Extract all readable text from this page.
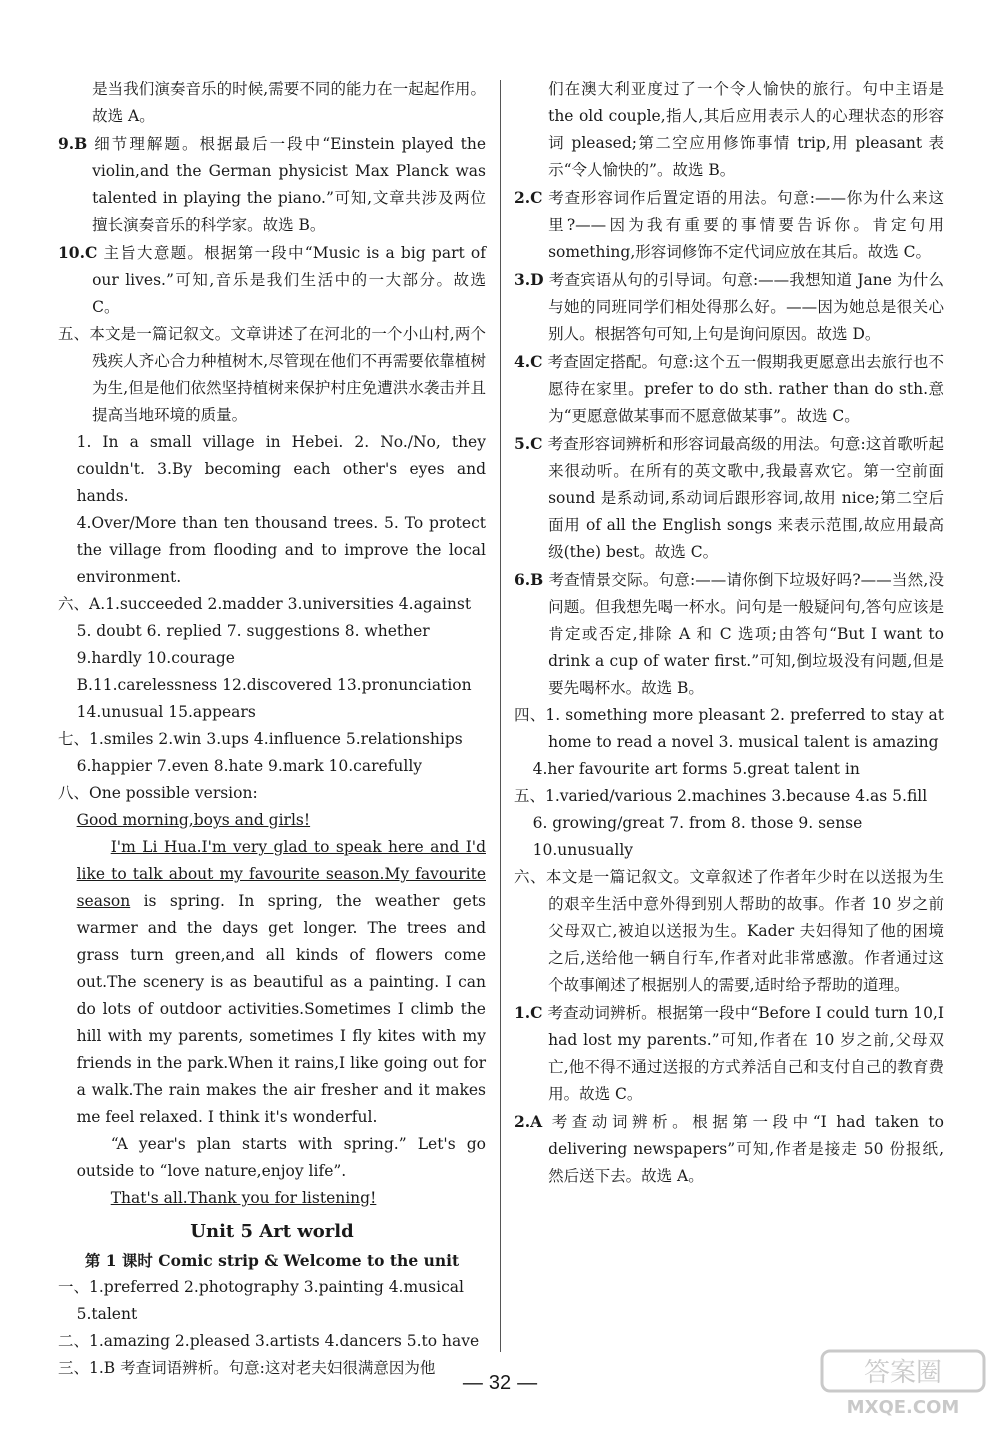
是当我们演奏音乐的时候,需要不同的能力在一起起作用。故选 A。

9.B 细节理解题。根据最后一段中“Einstein played the violin,and the German physicist Max Planck was talented in playing the piano.”可知,文章共涉及两位擅长演奏音乐的科学家。故选 B。

10.C 主旨大意题。根据第一段中“Music is a big part of our lives.”可知,音乐是我们生活中的一大部分。故选 C。

五、本文是一篇记叙文。文章讲述了在河北的一个小山村,两个残疾人齐心合力种植树木,尽管现在他们不再需要依靠植树为生,但是他们依然坚持植树来保护村庄免遭洪水袭击并且提高当地环境的质量。

1. In a small village in Hebei. 2. No./No, they couldn't. 3.By becoming each other's eyes and hands.

4.Over/More than ten thousand trees. 5. To protect the village from flooding and to improve the local environment.

六、A.1.succeeded 2.madder 3.universities 4.against

5. doubt 6. replied 7. suggestions 8. whether

9.hardly 10.courage

B.11.carelessness 12.discovered 13.pronunciation

14.unusual 15.appears

七、1.smiles 2.win 3.ups 4.influence 5.relationships

6.happier 7.even 8.hate 9.mark 10.carefully

八、One possible version:

Good morning,boys and girls!

I'm Li Hua.I'm very glad to speak here and I'd like to talk about my favourite season.My favourite season is spring. In spring, the weather gets warmer and the days get longer. The trees and grass turn green,and all kinds of flowers come out.The scenery is as beautiful as a painting. I can do lots of outdoor activities.Sometimes I climb the hill with my parents, sometimes I fly kites with my friends in the park.When it rains,I like going out for a walk.The rain makes the air fresher and it makes me feel relaxed. I think it's wonderful.

“A year's plan starts with spring.” Let's go outside to “love nature,enjoy life”.

That's all.Thank you for listening!

Unit 5 Art world

第 1 课时 Comic strip & Welcome to the unit

一、1.preferred 2.photography 3.painting 4.musical

5.talent

二、1.amazing 2.pleased 3.artists 4.dancers 5.to have

三、1.B 考查词语辨析。句意:这对老夫妇很满意因为他

们在澳大利亚度过了一个令人愉快的旅行。句中主语是 the old couple,指人,其后应用表示人的心理状态的形容词 pleased;第二空应用修饰事情 trip,用 pleasant 表示“令人愉快的”。故选 B。

2.C 考查形容词作后置定语的用法。句意:——你为什么来这里?——因为我有重要的事情要告诉你。肯定句用 something,形容词修饰不定代词应放在其后。故选 C。

3.D 考查宾语从句的引导词。句意:——我想知道 Jane 为什么与她的同班同学们相处得那么好。——因为她总是很关心别人。根据答句可知,上句是询问原因。故选 D。

4.C 考查固定搭配。句意:这个五一假期我更愿意出去旅行也不愿待在家里。prefer to do sth. rather than do sth.意为“更愿意做某事而不愿意做某事”。故选 C。

5.C 考查形容词辨析和形容词最高级的用法。句意:这首歌听起来很动听。在所有的英文歌中,我最喜欢它。第一空前面 sound 是系动词,系动词后跟形容词,故用 nice;第二空后面用 of all the English songs 来表示范围,故应用最高级(the) best。故选 C。

6.B 考查情景交际。句意:——请你倒下垃圾好吗?——当然,没问题。但我想先喝一杯水。问句是一般疑问句,答句应该是肯定或否定,排除 A 和 C 选项;由答句“But I want to drink a cup of water first.”可知,倒垃圾没有问题,但是要先喝杯水。故选 B。

四、1. something more pleasant 2. preferred to stay at home to read a novel 3. musical talent is amazing

4.her favourite art forms 5.great talent in

五、1.varied/various 2.machines 3.because 4.as 5.fill

6. growing/great 7. from 8. those 9. sense

10.unusually

六、本文是一篇记叙文。文章叙述了作者年少时在以送报为生的艰辛生活中意外得到别人帮助的故事。作者 10 岁之前父母双亡,被迫以送报为生。Kader 夫妇得知了他的困境之后,送给他一辆自行车,作者对此非常感激。作者通过这个故事阐述了根据别人的需要,适时给予帮助的道理。

1.C 考查动词辨析。根据第一段中“Before I could turn 10,I had lost my parents.”可知,作者在 10 岁之前,父母双亡,他不得不通过送报的方式养活自己和支付自己的教育费用。故选 C。

2.A 考查动词辨析。根据第一段中“I had taken to delivering newspapers”可知,作者是接走 50 份报纸,然后送下去。故选 A。

— 32 —	答案圈
MXQE.COM
